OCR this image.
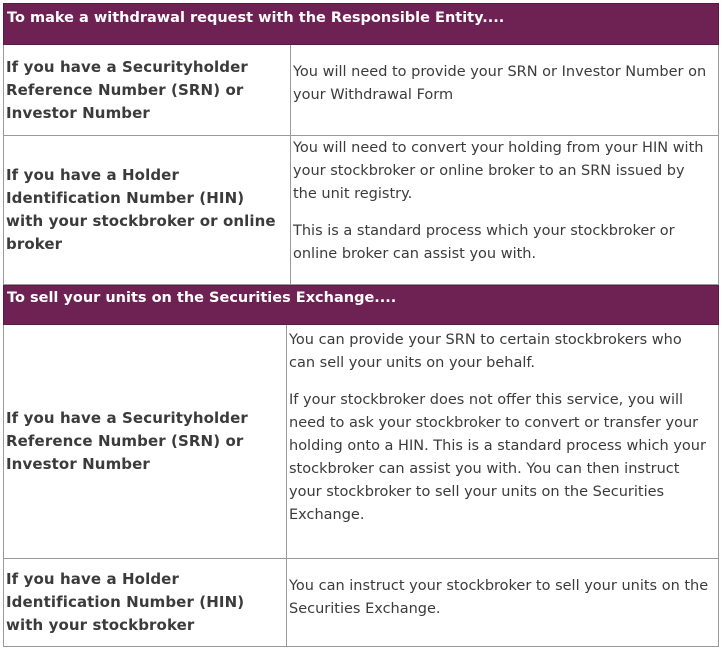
To make a withdrawal request with the Responsible Entity....
If you have a Securityholder Reference Number (SRN) or Investor Number

You will need to provide your SRN or Investor Number on your Withdrawal Form

If you have a Holder Identification Number (HIN) with your stockbroker or online broker

You will need to convert your holding from your HIN with your stockbroker or online broker to an SRN issued by the unit registry.

This is a standard process which your stockbroker or online broker can assist you with.

To sell your units on the Securities Exchange....
If you have a Securityholder Reference Number (SRN) or Investor Number

You can provide your SRN to certain stockbrokers who can sell your units on your behalf.

If your stockbroker does not offer this service, you will need to ask your stockbroker to convert or transfer your holding onto a HIN. This is a standard process which your stockbroker can assist you with. You can then instruct your stockbroker to sell your units on the Securities Exchange.

If you have a Holder Identification Number (HIN) with your stockbroker

You can instruct your stockbroker to sell your units on the Securities Exchange.
